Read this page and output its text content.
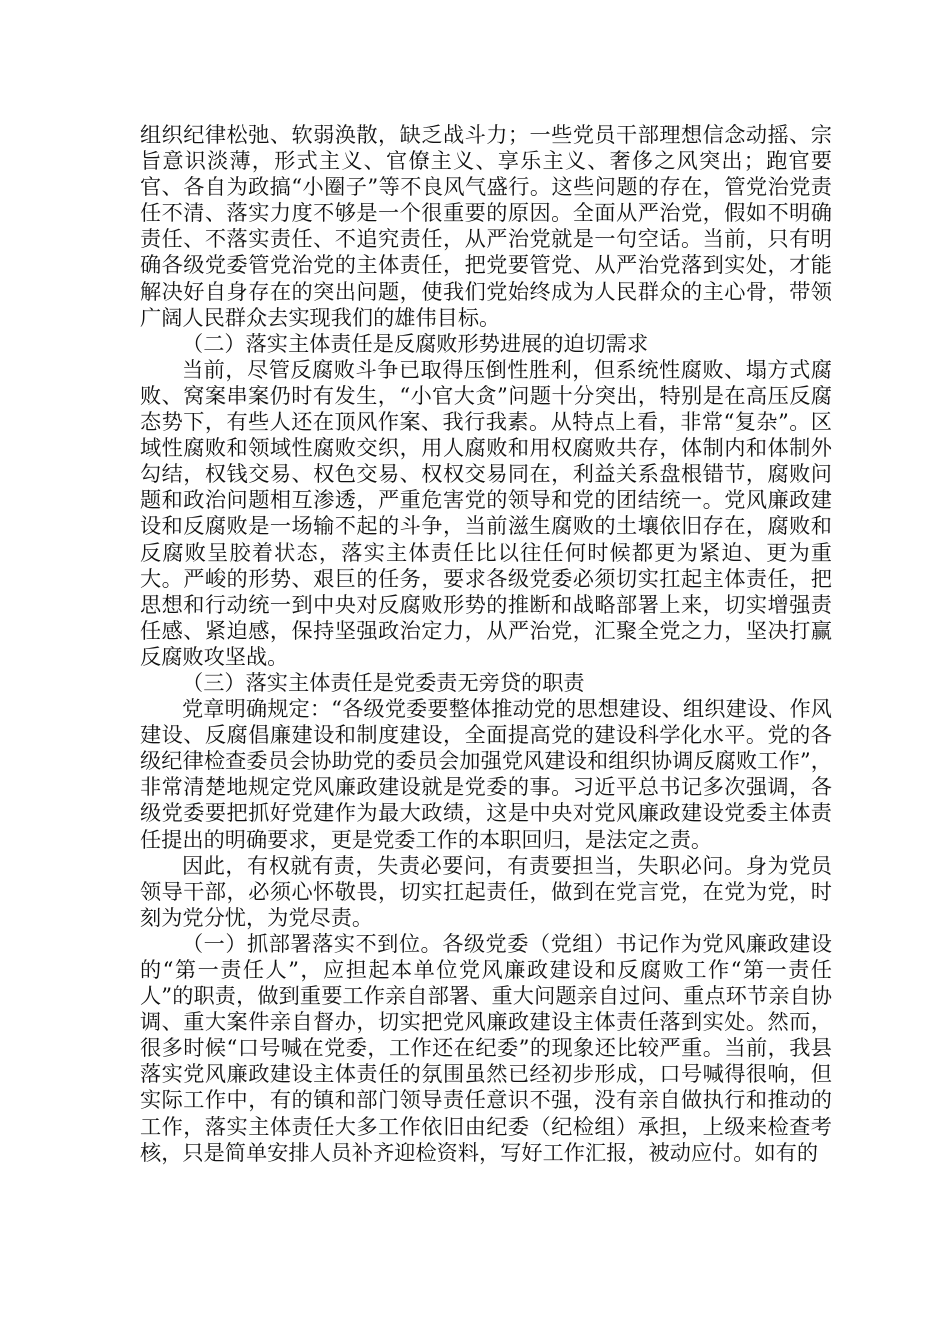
组织纪律松弛、软弱涣散，缺乏战斗力；一些党员干部理想信念动摇、宗旨意识淡薄，形式主义、官僚主义、享乐主义、奢侈之风突出；跑官要官、各自为政搞“小圈子”等不良风气盛行。这些问题的存在，管党治党责任不清、落实力度不够是一个很重要的原因。全面从严治党，假如不明确责任、不落实责任、不追究责任，从严治党就是一句空话。当前，只有明确各级党委管党治党的主体责任，把党要管党、从严治党落到实处，才能解决好自身存在的突出问题，使我们党始终成为人民群众的主心骨，带领广阔人民群众去实现我们的雄伟目标。

（二）落实主体责任是反腐败形势进展的迫切需求

当前，尽管反腐败斗争已取得压倒性胜利，但系统性腐败、塌方式腐败、窝案串案仍时有发生，“小官大贪”问题十分突出，特别是在高压反腐态势下，有些人还在顶风作案、我行我素。从特点上看，非常“复杂”。区域性腐败和领域性腐败交织，用人腐败和用权腐败共存，体制内和体制外勾结，权钱交易、权色交易、权权交易同在，利益关系盘根错节，腐败问题和政治问题相互渗透，严重危害党的领导和党的团结统一。党风廉政建设和反腐败是一场输不起的斗争，当前滋生腐败的土壤依旧存在，腐败和反腐败呈胶着状态，落实主体责任比以往任何时候都更为紧迫、更为重大。严峻的形势、艰巨的任务，要求各级党委必须切实扛起主体责任，把思想和行动统一到中央对反腐败形势的推断和战略部署上来，切实增强责任感、紧迫感，保持坚强政治定力，从严治党，汇聚全党之力，坚决打赢反腐败攻坚战。

（三）落实主体责任是党委责无旁贷的职责

党章明确规定：“各级党委要整体推动党的思想建设、组织建设、作风建设、反腐倡廉建设和制度建设，全面提高党的建设科学化水平。党的各级纪律检查委员会协助党的委员会加强党风建设和组织协调反腐败工作”，非常清楚地规定党风廉政建设就是党委的事。习近平总书记多次强调，各级党委要把抓好党建作为最大政绩，这是中央对党风廉政建设党委主体责任提出的明确要求，更是党委工作的本职回归，是法定之责。

因此，有权就有责，失责必要问，有责要担当，失职必问。身为党员领导干部，必须心怀敬畏，切实扛起责任，做到在党言党，在党为党，时刻为党分忧，为党尽责。

（一）抓部署落实不到位。各级党委（党组）书记作为党风廉政建设的“第一责任人”，应担起本单位党风廉政建设和反腐败工作“第一责任人”的职责，做到重要工作亲自部署、重大问题亲自过问、重点环节亲自协调、重大案件亲自督办，切实把党风廉政建设主体责任落到实处。然而，很多时候“口号喊在党委，工作还在纪委”的现象还比较严重。当前，我县落实党风廉政建设主体责任的氛围虽然已经初步形成，口号喊得很响，但实际工作中，有的镇和部门领导责任意识不强，没有亲自做执行和推动的工作，落实主体责任大多工作依旧由纪委（纪检组）承担，上级来检查考核，只是简单安排人员补齐迎检资料，写好工作汇报，被动应付。如有的
